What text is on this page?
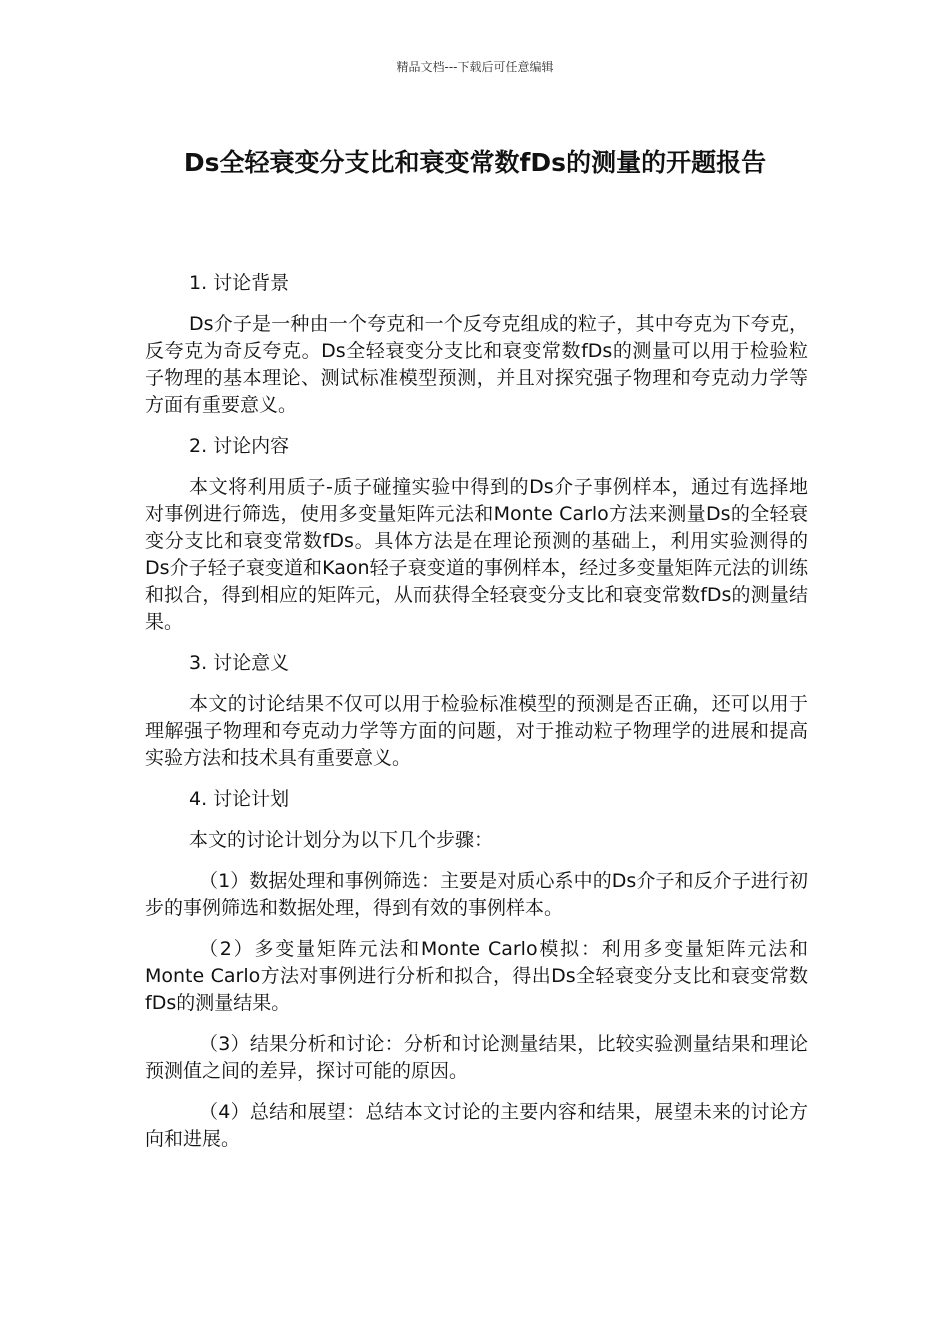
精品文档---下载后可任意编辑
Ds全轻衰变分支比和衰变常数fDs的测量的开题报告

1. 讨论背景

Ds介子是一种由一个夸克和一个反夸克组成的粒子，其中夸克为下夸克，反夸克为奇反夸克。Ds全轻衰变分支比和衰变常数fDs的测量可以用于检验粒子物理的基本理论、测试标准模型预测，并且对探究强子物理和夸克动力学等方面有重要意义。

2. 讨论内容

本文将利用质子-质子碰撞实验中得到的Ds介子事例样本，通过有选择地对事例进行筛选，使用多变量矩阵元法和Monte Carlo方法来测量Ds的全轻衰变分支比和衰变常数fDs。具体方法是在理论预测的基础上，利用实验测得的Ds介子轻子衰变道和Kaon轻子衰变道的事例样本，经过多变量矩阵元法的训练和拟合，得到相应的矩阵元，从而获得全轻衰变分支比和衰变常数fDs的测量结果。

3. 讨论意义

本文的讨论结果不仅可以用于检验标准模型的预测是否正确，还可以用于理解强子物理和夸克动力学等方面的问题，对于推动粒子物理学的进展和提高实验方法和技术具有重要意义。

4. 讨论计划

本文的讨论计划分为以下几个步骤：

（1）数据处理和事例筛选：主要是对质心系中的Ds介子和反介子进行初步的事例筛选和数据处理，得到有效的事例样本。

（2）多变量矩阵元法和Monte Carlo模拟：利用多变量矩阵元法和Monte Carlo方法对事例进行分析和拟合，得出Ds全轻衰变分支比和衰变常数fDs的测量结果。

（3）结果分析和讨论：分析和讨论测量结果，比较实验测量结果和理论预测值之间的差异，探讨可能的原因。

（4）总结和展望：总结本文讨论的主要内容和结果，展望未来的讨论方向和进展。
